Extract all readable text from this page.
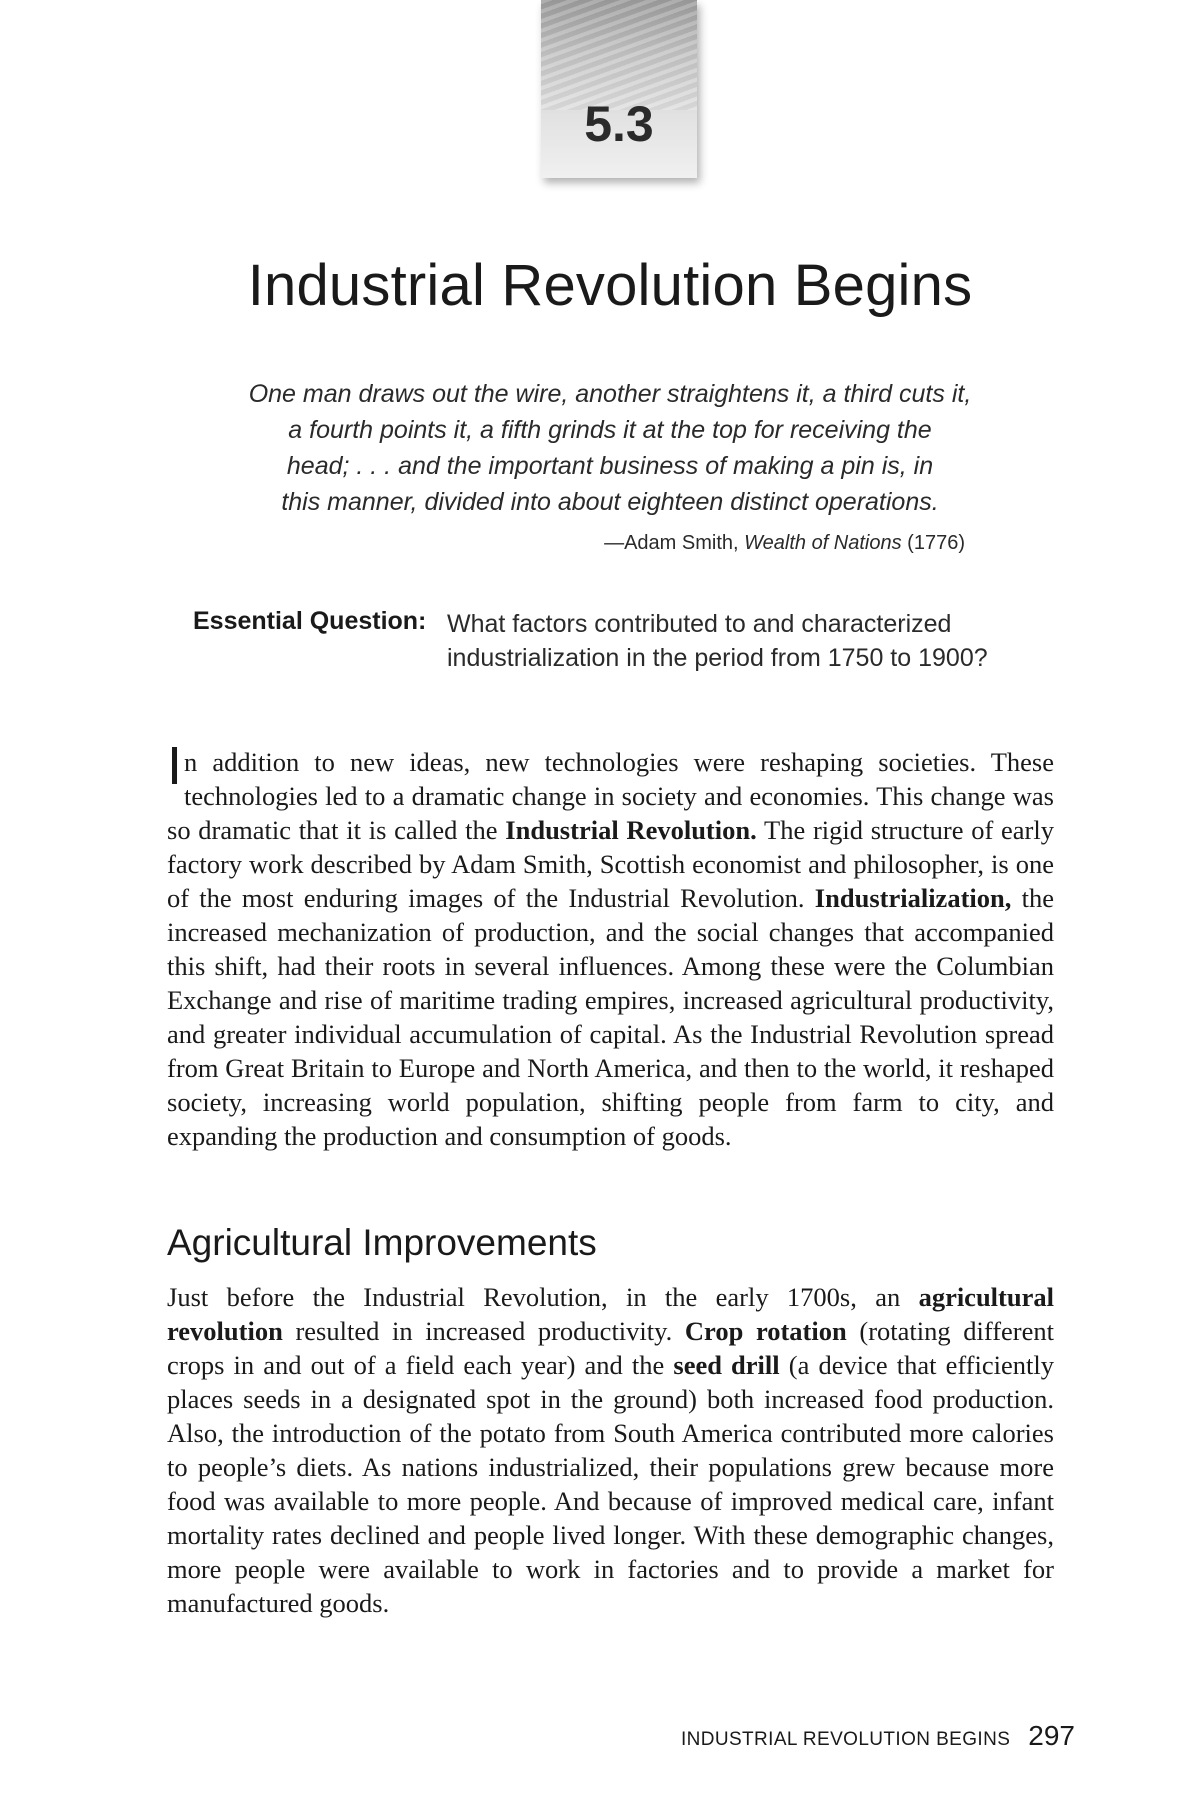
5.3
Industrial Revolution Begins
One man draws out the wire, another straightens it, a third cuts it,
a fourth points it, a fifth grinds it at the top for receiving the
head; . . . and the important business of making a pin is, in
this manner, divided into about eighteen distinct operations.
—Adam Smith, Wealth of Nations (1776)
Essential Question: What factors contributed to and characterized
industrialization in the period from 1750 to 1900?

In addition to new ideas, new technologies were reshaping societies. These technologies led to a dramatic change in society and economies. This change was so dramatic that it is called the Industrial Revolution. The rigid structure of early factory work described by Adam Smith, Scottish economist and philosopher, is one of the most enduring images of the Industrial Revolution. Industrialization, the increased mechanization of production, and the social changes that accompanied this shift, had their roots in several influences. Among these were the Columbian Exchange and rise of maritime trading empires, increased agricultural productivity, and greater individual accumulation of capital. As the Industrial Revolution spread from Great Britain to Europe and North America, and then to the world, it reshaped society, increasing world population, shifting people from farm to city, and expanding the production and consumption of goods.

Agricultural Improvements

Just before the Industrial Revolution, in the early 1700s, an agricultural revolution resulted in increased productivity. Crop rotation (rotating different crops in and out of a field each year) and the seed drill (a device that efficiently places seeds in a designated spot in the ground) both increased food production. Also, the introduction of the potato from South America contributed more calories to people’s diets. As nations industrialized, their populations grew because more food was available to more people. And because of improved medical care, infant mortality rates declined and people lived longer. With these demographic changes, more people were available to work in factories and to provide a market for manufactured goods.

INDUSTRIAL REVOLUTION BEGINS 297
